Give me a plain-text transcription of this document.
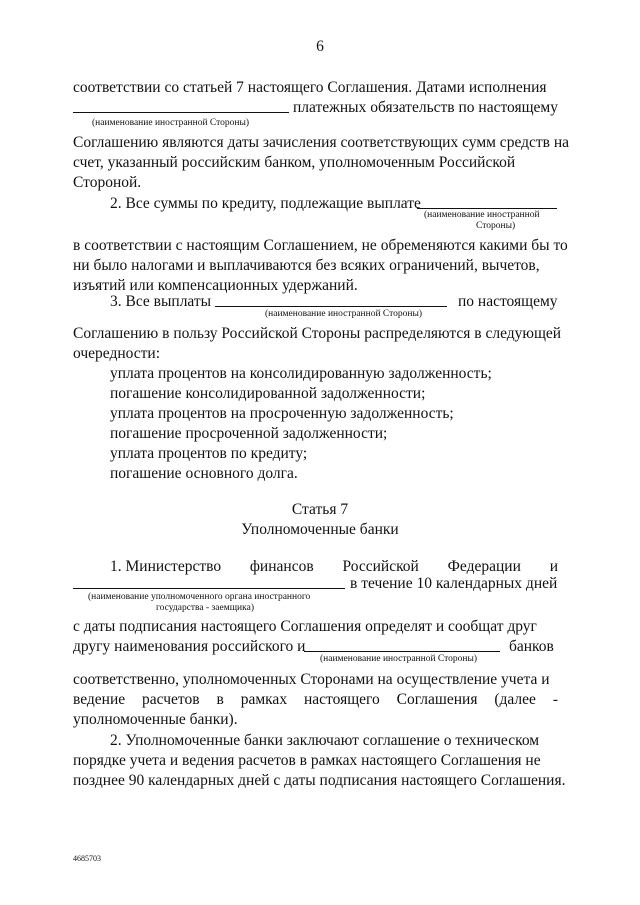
6
соответствии со статьей 7 настоящего Соглашения. Датами исполнения
платежных обязательств по настоящему
(наименование иностранной Стороны)
Соглашению являются даты зачисления соответствующих сумм средств на
счет, указанный российским банком, уполномоченным Российской
Стороной.
2. Все суммы по кредиту, подлежащие выплате
(наименование иностранной
Стороны)
в соответствии с настоящим Соглашением, не обременяются какими бы то
ни было налогами и выплачиваются без всяких ограничений, вычетов,
изъятий или компенсационных удержаний.
3. Все выплаты	по настоящему
(наименование иностранной Стороны)
Соглашению в пользу Российской Стороны распределяются в следующей
очередности:
уплата процентов на консолидированную задолженность;
погашение консолидированной задолженности;
уплата процентов на просроченную задолженность;
погашение просроченной задолженности;
уплата процентов по кредиту;
погашение основного долга.
Статья 7
Уполномоченные банки
1. Министерство финансов Российской Федерации и
в течение 10 календарных дней
(наименование уполномоченного органа иностранного
государства - заемщика)
с даты подписания настоящего Соглашения определят и сообщат друг
другу наименования российского и	банков
(наименование иностранной Стороны)
соответственно, уполномоченных Сторонами на осуществление учета и
ведение расчетов в рамках настоящего Соглашения (далее -
уполномоченные банки).
2. Уполномоченные банки заключают соглашение о техническом
порядке учета и ведения расчетов в рамках настоящего Соглашения не
позднее 90 календарных дней с даты подписания настоящего Соглашения.
4685703
